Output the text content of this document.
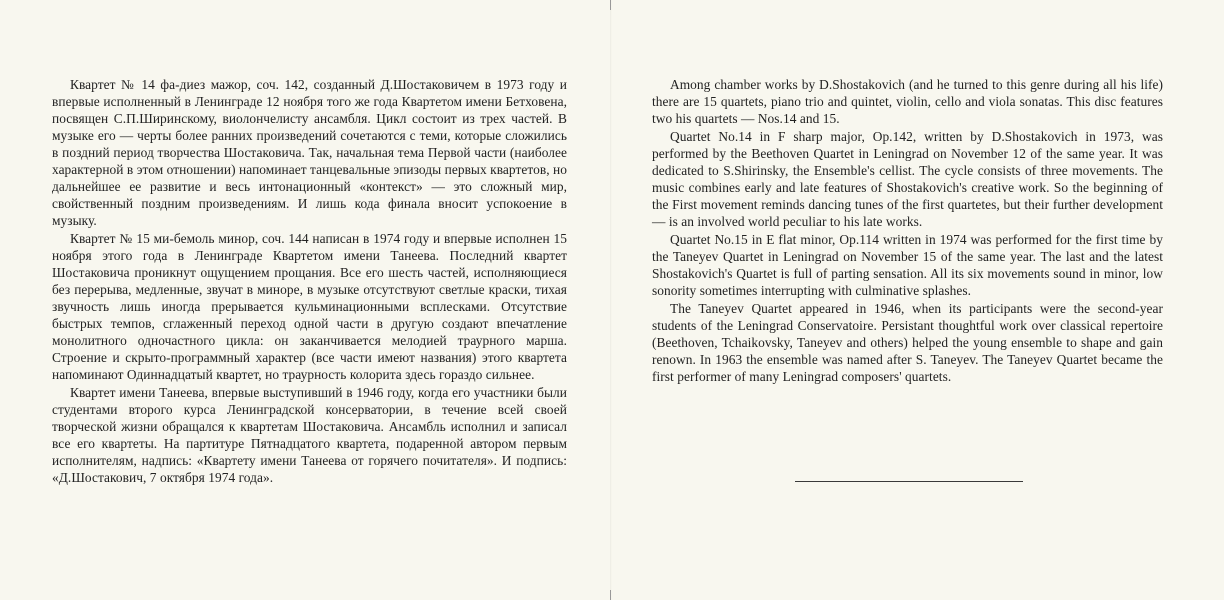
Квартет № 14 фа-диез мажор, соч. 142, созданный Д.Шостаковичем в 1973 году и впервые исполненный в Ленинграде 12 ноября того же года Квартетом имени Бетховена, посвящен С.П.Ширинскому, виолончелисту ансамбля. Цикл состоит из трех частей. В музыке его — черты более ранних произведений сочетаются с теми, которые сложились в поздний период творчества Шостаковича. Так, начальная тема Первой части (наиболее характерной в этом отношении) напоминает танцевальные эпизоды первых квартетов, но дальнейшее ее развитие и весь интонационный «контекст» — это сложный мир, свойственный поздним произведениям. И лишь кода финала вносит успокоение в музыку.

Квартет № 15 ми-бемоль минор, соч. 144 написан в 1974 году и впервые исполнен 15 ноября этого года в Ленинграде Квартетом имени Танеева. Последний квартет Шостаковича проникнут ощущением прощания. Все его шесть частей, исполняющиеся без перерыва, медленные, звучат в миноре, в музыке отсутствуют светлые краски, тихая звучность лишь иногда прерывается кульминационными всплесками. Отсутствие быстрых темпов, сглаженный переход одной части в другую создают впечатление монолитного одночастного цикла: он заканчивается мелодией траурного марша. Строение и скрыто-программный характер (все части имеют названия) этого квартета напоминают Одиннадцатый квартет, но траурность колорита здесь гораздо сильнее.

Квартет имени Танеева, впервые выступивший в 1946 году, когда его участники были студентами второго курса Ленинградской консерватории, в течение всей своей творческой жизни обращался к квартетам Шостаковича. Ансамбль исполнил и записал все его квартеты. На партитуре Пятнадцатого квартета, подаренной автором первым исполнителям, надпись: «Квартету имени Танеева от горячего почитателя». И подпись: «Д.Шостакович, 7 октября 1974 года».

Among chamber works by D.Shostakovich (and he turned to this genre during all his life) there are 15 quartets, piano trio and quintet, violin, cello and viola sonatas. This disc features two his quartets — Nos.14 and 15.

Quartet No.14 in F sharp major, Op.142, written by D.Shostakovich in 1973, was performed by the Beethoven Quartet in Leningrad on November 12 of the same year. It was dedicated to S.Shirinsky, the Ensemble's cellist. The cycle consists of three movements. The music combines early and late features of Shostakovich's creative work. So the beginning of the First movement reminds dancing tunes of the first quartetes, but their further development — is an involved world peculiar to his late works.

Quartet No.15 in E flat minor, Op.114 written in 1974 was performed for the first time by the Taneyev Quartet in Leningrad on November 15 of the same year. The last and the latest Shostakovich's Quartet is full of parting sensation. All its six movements sound in minor, low sonority sometimes interrupting with culminative splashes.

The Taneyev Quartet appeared in 1946, when its participants were the second-year students of the Leningrad Conservatoire. Persistant thoughtful work over classical repertoire (Beethoven, Tchaikovsky, Taneyev and others) helped the young ensemble to shape and gain renown. In 1963 the ensemble was named after S. Taneyev. The Taneyev Quartet became the first performer of many Leningrad composers' quartets.
